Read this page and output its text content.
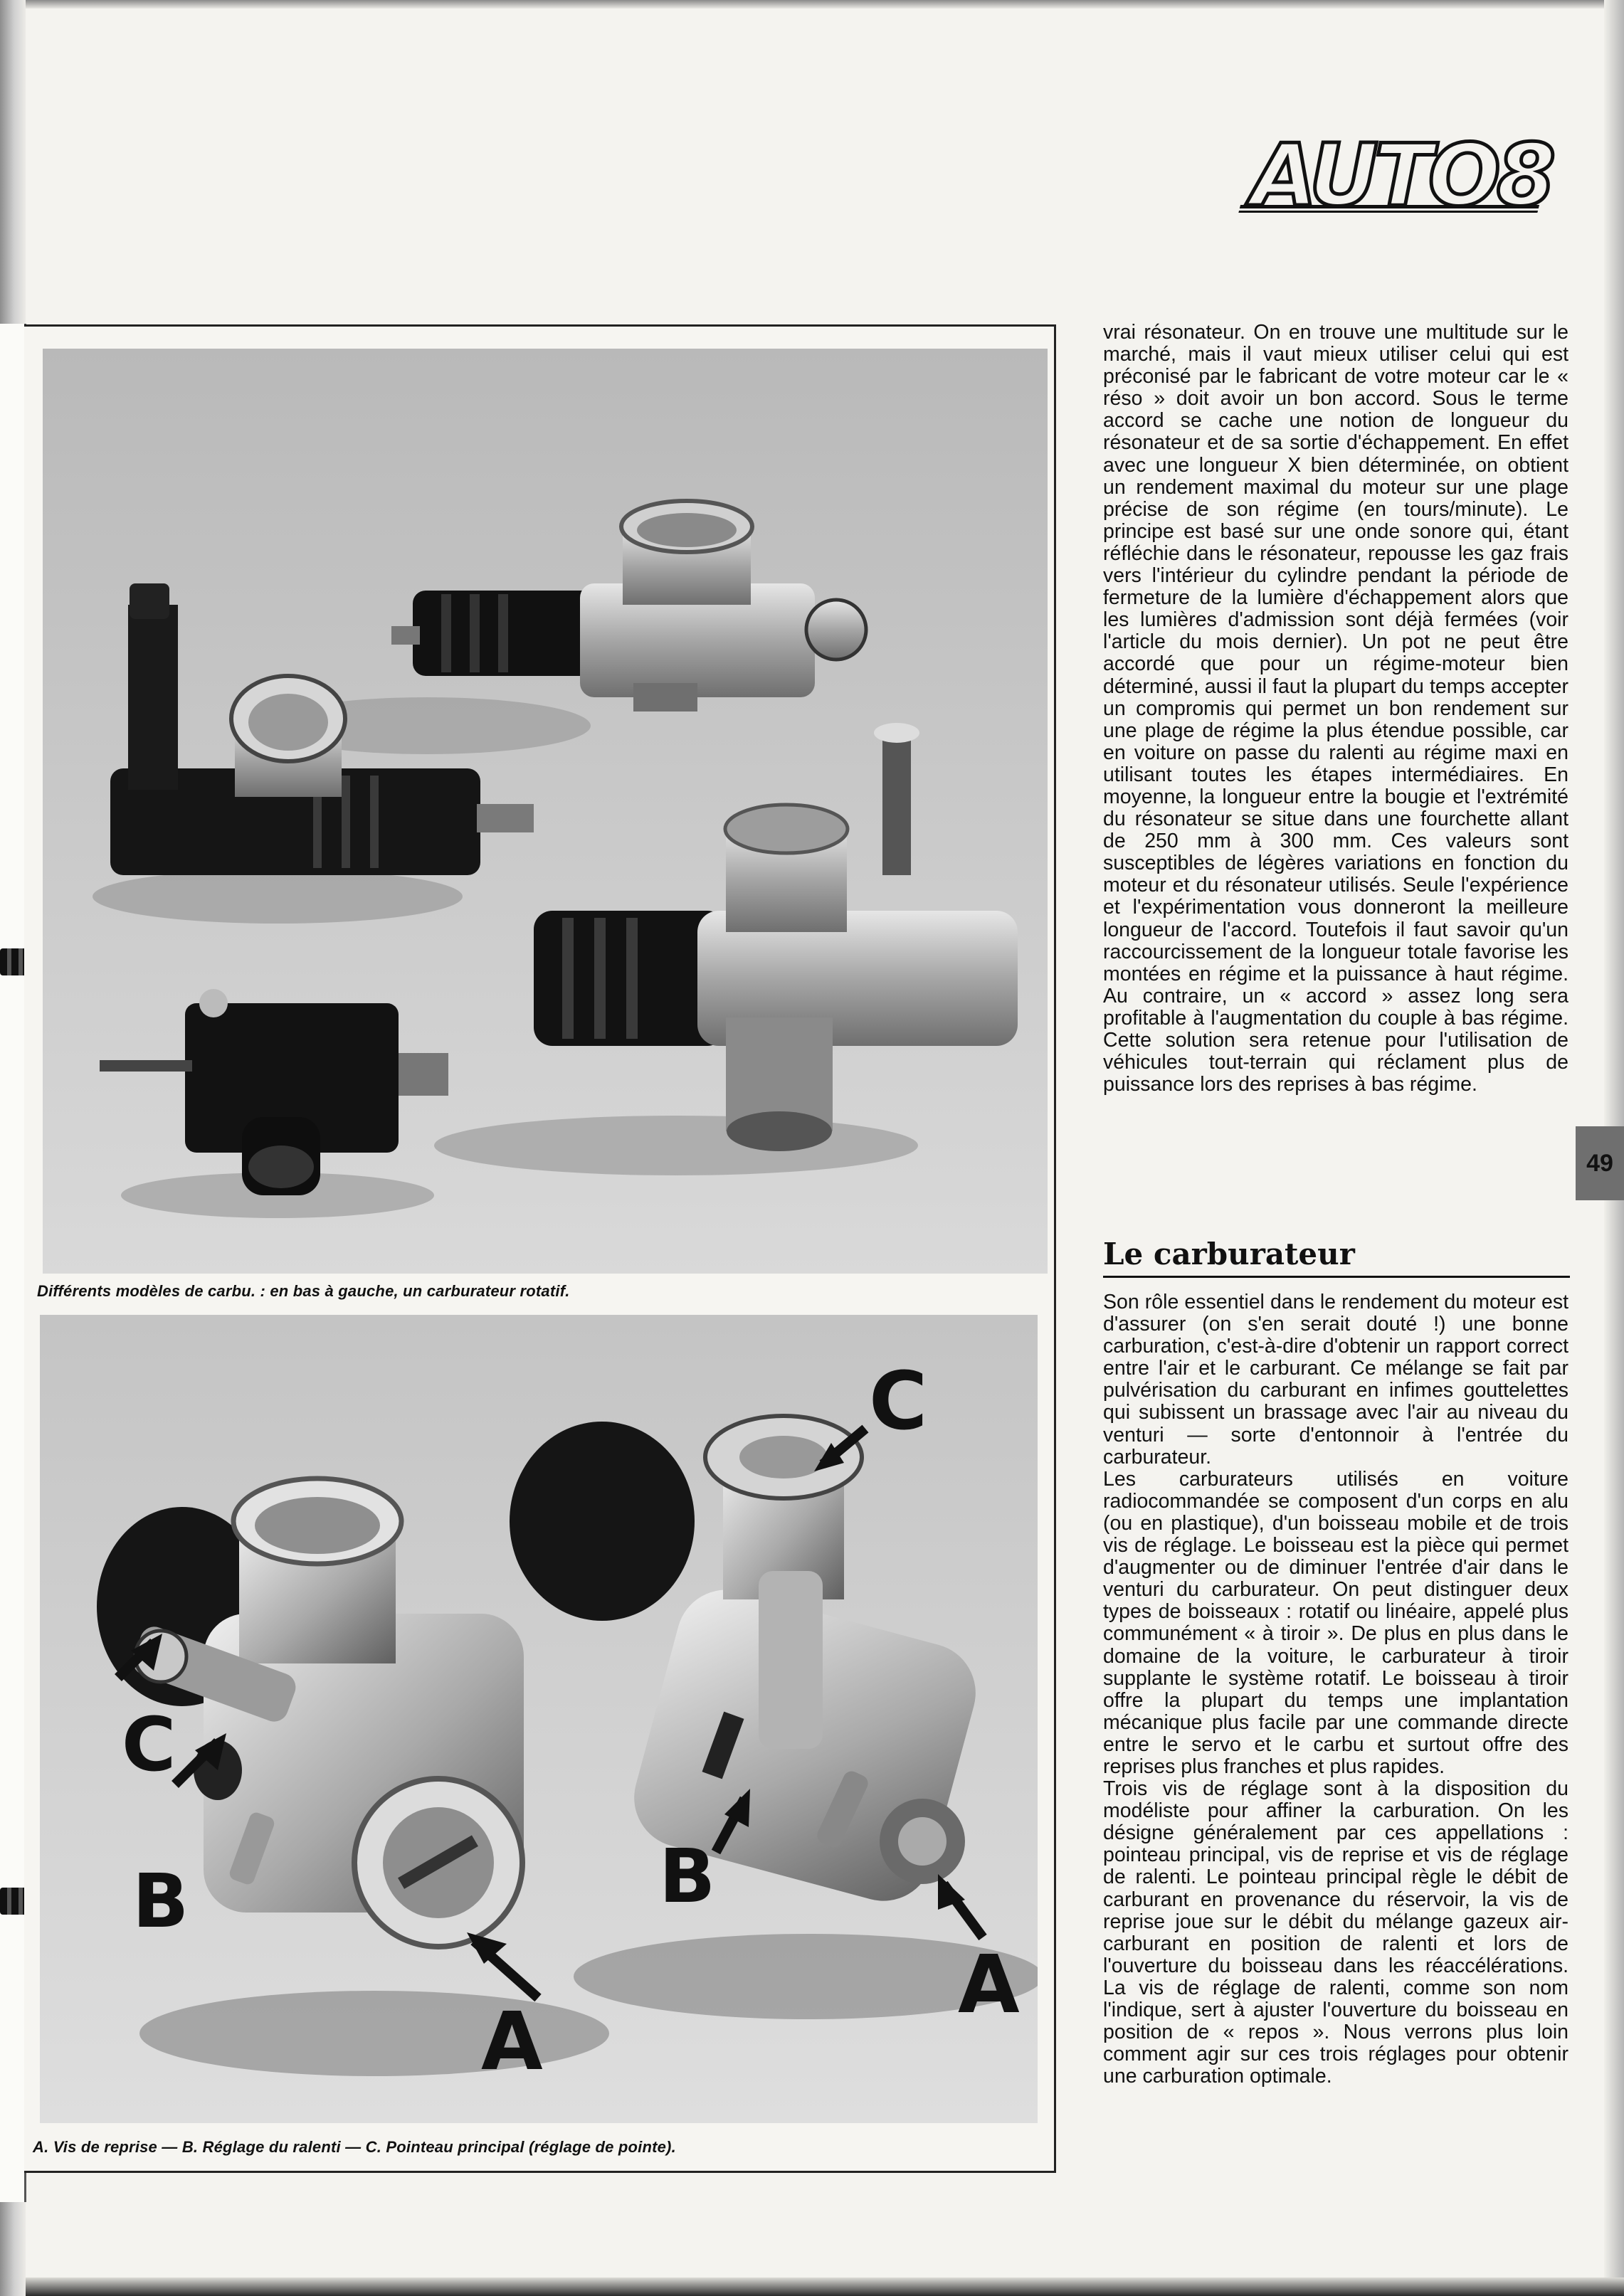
AUTO8
Différents modèles de carbu. : en bas à gauche, un carburateur rotatif.
A
B
C
A
B
C
A. Vis de reprise — B. Réglage du ralenti — C. Pointeau principal (réglage de pointe).

vrai résonateur. On en trouve une multitude sur le marché, mais il vaut mieux utiliser celui qui est préconisé par le fabricant de votre moteur car le « réso » doit avoir un bon accord. Sous le terme accord se cache une notion de longueur du résonateur et de sa sortie d'échappement. En effet avec une longueur X bien déterminée, on obtient un rendement maximal du moteur sur une plage précise de son régime (en tours/minute). Le principe est basé sur une onde sonore qui, étant réfléchie dans le résonateur, repousse les gaz frais vers l'intérieur du cylindre pendant la période de fermeture de la lumière d'échappement alors que les lumières d'admission sont déjà fermées (voir l'article du mois dernier). Un pot ne peut être accordé que pour un régime-moteur bien déterminé, aussi il faut la plupart du temps accepter un compromis qui permet un bon rendement sur une plage de régime la plus étendue possible, car en voiture on passe du ralenti au régime maxi en utilisant toutes les étapes intermédiaires. En moyenne, la longueur entre la bougie et l'extrémité du résonateur se situe dans une fourchette allant de 250 mm à 300 mm. Ces valeurs sont susceptibles de légères variations en fonction du moteur et du résonateur utilisés. Seule l'expérience et l'expérimentation vous donneront la meilleure longueur de l'accord. Toutefois il faut savoir qu'un raccourcissement de la longueur totale favorise les montées en régime et la puissance à haut régime. Au contraire, un « accord » assez long sera profitable à l'augmentation du couple à bas régime. Cette solution sera retenue pour l'utilisation de véhicules tout-terrain qui réclament plus de puissance lors des reprises à bas régime.

Le carburateur

Son rôle essentiel dans le rendement du moteur est d'assurer (on s'en serait douté !) une bonne carburation, c'est-à-dire d'obtenir un rapport correct entre l'air et le carburant. Ce mélange se fait par pulvérisation du carburant en infimes gouttelettes qui subissent un brassage avec l'air au niveau du venturi — sorte d'entonnoir à l'entrée du carburateur.

Les carburateurs utilisés en voiture radiocommandée se composent d'un corps en alu (ou en plastique), d'un boisseau mobile et de trois vis de réglage. Le boisseau est la pièce qui permet d'augmenter ou de diminuer l'entrée d'air dans le venturi du carburateur. On peut distinguer deux types de boisseaux : rotatif ou linéaire, appelé plus communément « à tiroir ». De plus en plus dans le domaine de la voiture, le carburateur à tiroir supplante le système rotatif. Le boisseau à tiroir offre la plupart du temps une implantation mécanique plus facile par une commande directe entre le servo et le carbu et surtout offre des reprises plus franches et plus rapides.

Trois vis de réglage sont à la disposition du modéliste pour affiner la carburation. On les désigne généralement par ces appellations : pointeau principal, vis de reprise et vis de réglage de ralenti. Le pointeau principal règle le débit de carburant en provenance du réservoir, la vis de reprise joue sur le débit du mélange gazeux air-carburant en position de ralenti et lors de l'ouverture du boisseau dans les réaccélérations. La vis de réglage de ralenti, comme son nom l'indique, sert à ajuster l'ouverture du boisseau en position de « repos ». Nous verrons plus loin comment agir sur ces trois réglages pour obtenir une carburation optimale.

49
